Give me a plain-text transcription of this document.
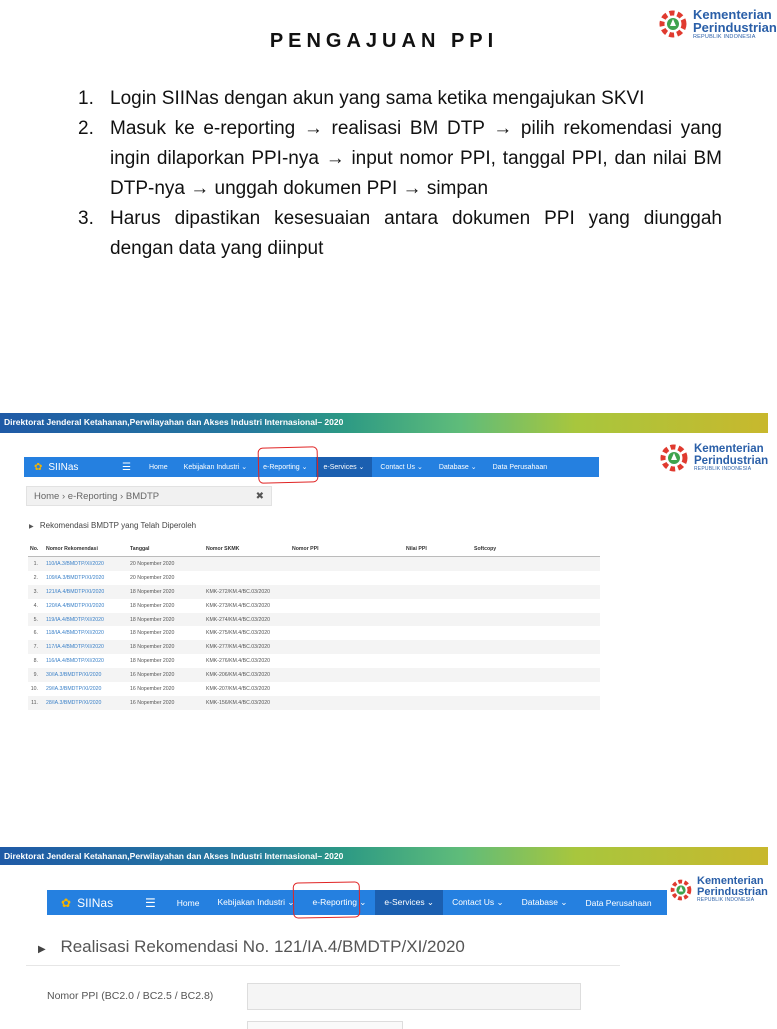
PENGAJUAN PPI
Kementerian
Perindustrian
REPUBLIK INDONESIA
1. Login SIINas dengan akun yang sama ketika mengajukan SKVI
2. Masuk ke e-reporting → realisasi BM DTP → pilih rekomendasi yang ingin dilaporkan PPI-nya → input nomor PPI, tanggal PPI, dan nilai BM DTP-nya → unggah dokumen PPI → simpan
3. Harus dipastikan kesesuaian antara dokumen PPI yang diunggah dengan data yang diinput
Direktorat Jenderal Ketahanan,Perwilayahan dan Akses Industri Internasional– 2020
✿ SIINas	☰	Home	Kebijakan Industri ⌄	e-Reporting ⌄	e-Services ⌄	Contact Us ⌄	Database ⌄	Data Perusahaan
Home › e-Reporting › BMDTP	✖
▶ Rekomendasi BMDTP yang Telah Diperoleh
No.	Nomor Rekomendasi	Tanggal	Nomor SKMK	Nomor PPI	Nilai PPI	Softcopy
1.	110/IA.3/BMDTP/XI/2020	20 Nopember 2020				
2.	109/IA.3/BMDTP/XI/2020	20 Nopember 2020				
3.	121/IA.4/BMDTP/XI/2020	18 Nopember 2020	KMK-272/KM.4/BC.03/2020			
4.	120/IA.4/BMDTP/XI/2020	18 Nopember 2020	KMK-273/KM.4/BC.03/2020			
5.	119/IA.4/BMDTP/XI/2020	18 Nopember 2020	KMK-274/KM.4/BC.03/2020			
6.	118/IA.4/BMDTP/XI/2020	18 Nopember 2020	KMK-275/KM.4/BC.03/2020			
7.	117/IA.4/BMDTP/XI/2020	18 Nopember 2020	KMK-277/KM.4/BC.03/2020			
8.	116/IA.4/BMDTP/XI/2020	18 Nopember 2020	KMK-276/KM.4/BC.03/2020			
9.	30/IA.3/BMDTP/XI/2020	16 Nopember 2020	KMK-206/KM.4/BC.03/2020			
10.	29/IA.3/BMDTP/XI/2020	16 Nopember 2020	KMK-207/KM.4/BC.03/2020			
11.	28/IA.3/BMDTP/XI/2020	16 Nopember 2020	KMK-156/KM.4/BC.03/2020			
Kementerian
Perindustrian
REPUBLIK INDONESIA
Direktorat Jenderal Ketahanan,Perwilayahan dan Akses Industri Internasional– 2020
✿ SIINas	☰	Home	Kebijakan Industri ⌄	e-Reporting ⌄	e-Services ⌄	Contact Us ⌄	Database ⌄	Data Perusahaan
▶ Realisasi Rekomendasi No. 121/IA.4/BMDTP/XI/2020
Nomor PPI (BC2.0 / BC2.5 / BC2.8)
Kementerian
Perindustrian
REPUBLIK INDONESIA
